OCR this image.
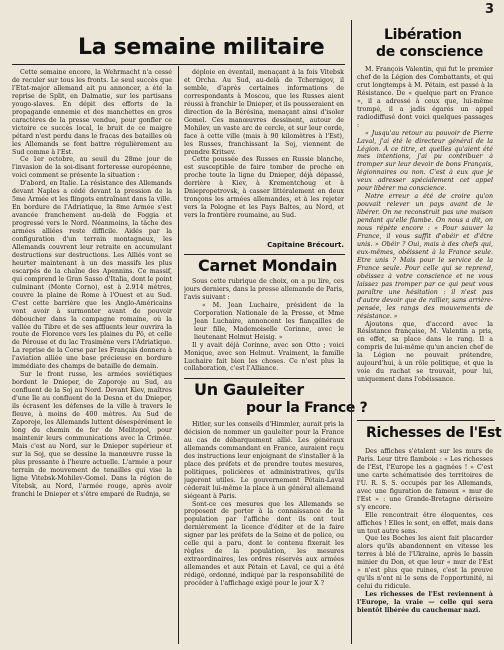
3
La semaine militaire

Cette semaine encore, la Wehrmacht n'a cessé de reculer sur tous les fronts. Le seul succès que l'Etat-major allemand ait pu annoncer, a été la reprise de Split, en Dalmatie, sur les partisans yougo-slaves. En dépit des efforts de la propagande ennemie et des manchettes en gros caractères de la presse vendue, pour gonfler ce victoire ce succès local, le bruit de ce maigre pétard n'est perdu dans le fracas des batailles où les Allemands se font battre régulièrement au Sud comme à l'Est.

Ce 1er octobre, au seuil du 28me jour de l'invasion de la soi-disant forteresse européenne, voici comment se présente la situation :

D'abord, en Italie. La résistance des Allemands devant Naples a cédé devant la pression de la 5me Armée et les flingots entraînant dans la ville. En bordure de l'Adriatique, la 8me Armée s'est avancée franchement au-delà de Foggia et progressé vers le Nord. Néanmoins, la tâche des armées alliées reste difficile. Aidés par la configuration d'un terrain montagneux, les Allemands couvrent leur retraite en accumulant destructions sur destructions. Les Alliés vont se heurter maintenant à un des massifs les plus escarpés de la chaîne des Apennins. Ce massif, qui comprend le Gran Sasso d'Italia, dont le point culminant (Monte Corno), est à 2.914 mètres, couvre la plaine de Rome à l'Ouest et au Sud. C'est cette barrière que les Anglo-Américains vont avoir à surmonter avant de pouvoir déboucher dans la campagne romaine, où la vallée du Tibre et de ses affluents leur ouvrira la route de Florence vers les plaines du Pô, et celle de Pérouse et du lac Trasimène vers l'Adriatique. La reprise de la Corse par les Français donnera à l'aviation alliée une base précieuse en bordure immédiate des champs de bataille de demain.

Sur le front russe, les armées soviétiques bordent le Dnieper, de Zaporoje au Sud, au confluent de la Soj au Nord. Devant Kiev, maîtres d'une île au confluent de la Desna et du Dnieper, ils écrasent les défenses de la ville à travers le fleuve, à moins de 400 mètres. Au Sud de Zaporoje, les Allemands luttent désespérément le long du chemin de fer de Melitopol, pour maintenir leurs communications avec la Crimée. Mais c'est au Nord, sur le Dnieper supérieur et sur la Soj, que se dessine la manœuvre russe la plus pressante à l'heure actuelle. L'armée a pour terrain de mouvement de tenailles qui vise la ligne Vitebsk-Mohilev-Gomel. Dans la région de Vitebsk, au Nord, l'armée rouge, après avoir franchi le Dnieper et s'être emparé de Rudnja, se

déploie en éventail, menaçant à la fois Vitebsk et Orcha. Au Sud, au-delà de Tchernigov, il semble, d'après certaines informations de correspondants à Moscou, que les Russes aient réussi à franchir le Dnieper, et ils pousseraient en direction de la Bérésina, menaçant ainsi d'isoler Gomel. Ces manœuvres dessinent, autour de Mohilev, un vaste arc de cercle, et sur leur corde, face à cette ville (mais à 90 kilomètres à l'Est), les Russes, franchissant la Soj, viennent de prendre Kritsev.

Cette poussée des Russes en Russie blanche, est susceptible de faire tomber de proche en proche toute la ligne du Dnieper, déjà dépassé, derrière à Kiev, à Krementchoug et à Dniepropetrovsk, à casser littéralement en deux tronçons les armées allemandes, et à les rejeter vers la Pologne et les Pays Baltes, au Nord, et vers la frontière roumaine, au Sud.

Capitaine Brécourt.
Carnet Mondain

Sous cette rubrique de choix, on a pu lire, ces jours derniers, dans la presse allemande de Paris, l'avis suivant :

« M. Jean Luchaire, président de la Corporation Nationale de la Presse, et Mme Jean Luchaire, annoncent les fiançailles de leur fille, Mademoiselle Corinne, avec le lieutenant Helmut Heisig. »

Il y avait déjà Corinne, avec son Otto ; voici Monique, avec son Helmut. Vraiment, la famille Luchaire fait bien les choses. Ce n'est plus la collaboration, c'est l'Alliance.

Un Gauleiter
pour la France ?

Hitler, sur les conseils d'Himmler, aurait pris la décision de nommer un gauleiter pour la France au cas de débarquement allié. Les généraux allemands commandant en France, auraient reçu des instructions leur enjoignant de s'installer à la place des préfets et de prendre toutes mesures, politiques, policières et administratives, qu'ils jugeront utiles. Le gouvernement Pétain-Laval céderait lui-même la place à un général allemand siégeant à Paris.

Sont-ce ces mesures que les Allemands se proposent de porter à la connaissance de la population par l'affiche dont ils ont tout dernièrement la licence d'éditer et de la faire signer par les préfets de la Seine et de police, ou celle qui a paru, dont le contenu fixerait les règles de la population, les mesures extraordinaires, les ordres réservés aux armées allemandes et aux Pétain et Laval, ce qui a été rédigé, ordonné, indiqué par la responsabilité de procéder à l'affichage exigé pour le jour X ?

Libération
de conscience

M. François Valentin, qui fut le premier chef de la Légion des Combattants, et qui crut longtemps à M. Pétain, est passé à la Résistance. De « quelque part en France », il a adressé à ceux que, lui-même trompé, il a jadis égarés un appel radiodiffusé dont voici quelques passages :

« Jusqu'au retour au pouvoir de Pierre Laval, j'ai été le directeur général de la Légion. À ce titre, et quelles qu'aient été mes intentions, j'ai pu contribuer à tromper sur leur devoir de bons Français, légionnaires ou non. C'est à eux que je veux adresser spécialement cet appel pour libérer ma conscience.

Notre erreur a été de croire qu'on pouvait relever un pays avant de le libérer. On ne reconstruit pas une maison pendant qu'elle flambe. On nous a dit, on nous répète encore : « Pour sauver la France, il vous suffit d'obéir et d'être unis. » Obéir ? Oui, mais à des chefs qui, eux-mêmes, obéissent à la France seule. Etre unis ? Mais pour le service de la France seule. Pour celle qui se reprend, obéissez à votre conscience et ne vous laissez pas tromper par ce qui peut vous paraître une hésitation : il n'est pas d'autre devoir que de rallier, sans arrière-pensée, les rangs des mouvements de résistance. »

Ajoutons que, d'accord avec la Résistance française, M. Valentin a pris, en effet, sa place dans le rang. Il a compris de lui-même qu'un ancien chef de la Légion ne pouvait prétendre, aujourd'hui, à un rôle politique, et que la voie du rachat se trouvait, pour lui, uniquement dans l'obéissance.

Richesses de l'Est

Des affiches s'étalent sur les murs de Paris. Leur titre flamboie : « Les richesses de l'Est, l'Europe les a gagnées ! » C'est une carte schématisée des territoires de l'U. R. S. S. occupés par les Allemands, avec une figuration de fameux « mur de l'Est » : une Grande-Bretagne dérisoire s'y encore.

Elle rencontrait être éloquentes, ces affiches ! Elles le sont, en effet, mais dans un tout autre sens.

Que les Boches les aient fait placarder alors qu'ils abandonnent en vitesse les terres à blé de l'Ukraine, après le bassin minier du Don, et que leur « mur de l'Est » n'est plus que ruines, c'est la preuve qu'ils n'ont ni le sens de l'opportunité, ni celui du ridicule.

Les richesses de l'Est reviennent à l'Europe, la vraie — celle qui sera bientôt libérée du cauchemar nazi.
